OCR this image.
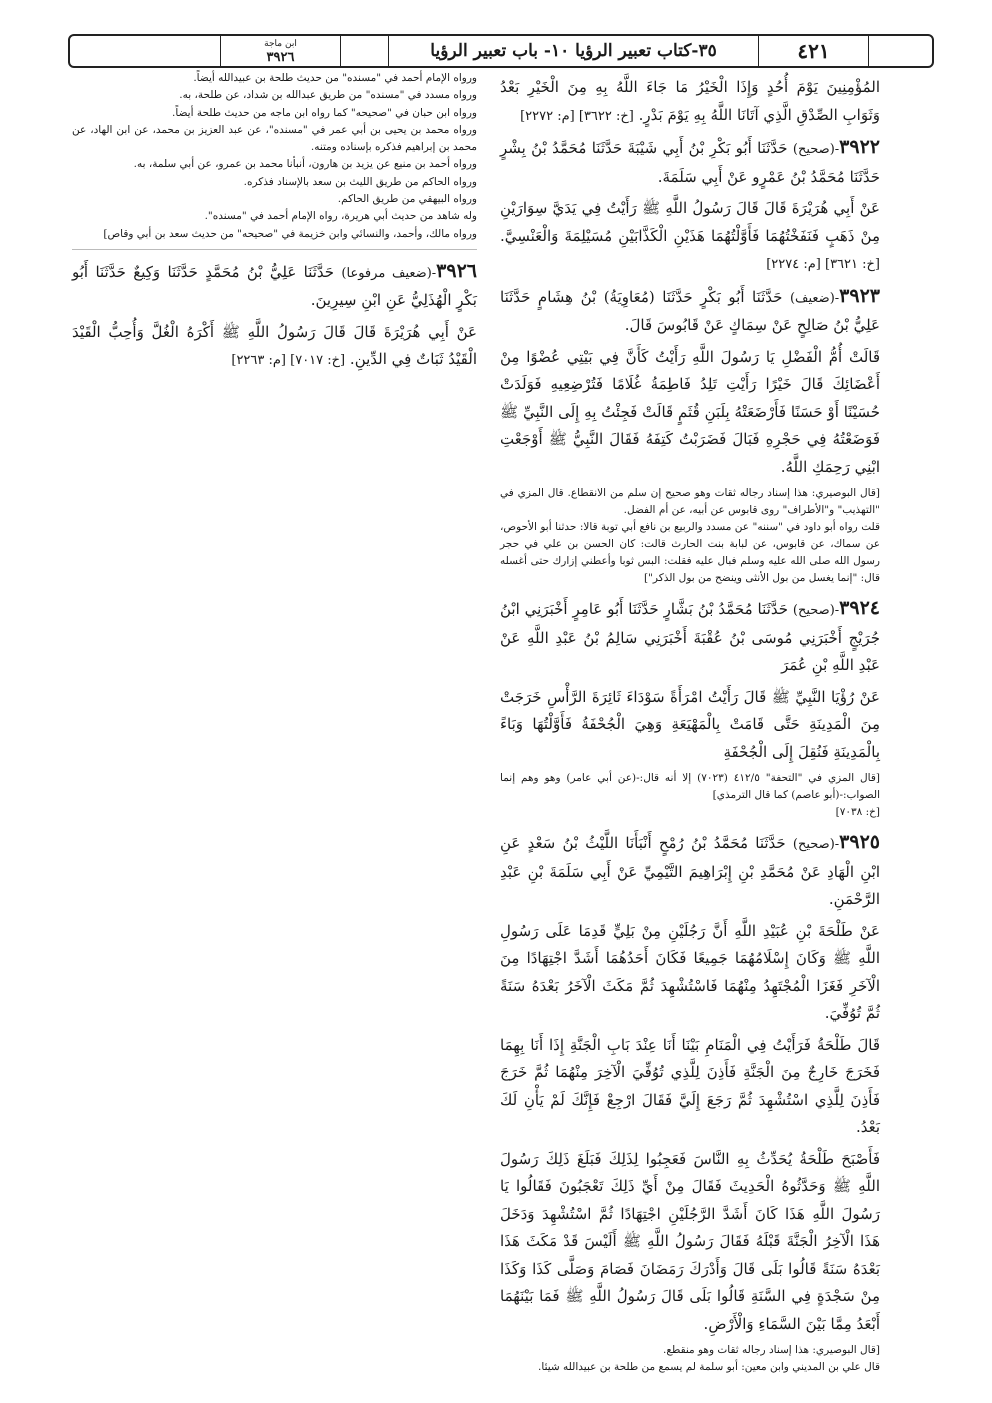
٤٢١
٣٥-كتاب تعبير الرؤيا ١٠- باب تعبير الرؤيا
ابن ماجة
٣٩٢٦

المُؤْمِنِينَ يَوْمَ أُحُدٍ وَإِذَا الْخَيْرُ مَا جَاءَ اللَّهُ بِهِ مِنَ الْخَيْرِ بَعْدُ وَثَوَابِ الصِّدْقِ الَّذِي آتَانَا اللَّهُ بِهِ يَوْمَ بَدْرٍ. [خ: ٣٦٢٢] [م: ٢٢٧٢]

٣٩٢٢-(صحيح) حَدَّثَنَا أَبُو بَكْرِ بْنُ أَبِي شَيْبَةَ حَدَّثَنَا مُحَمَّدُ بْنُ بِشْرٍ حَدَّثَنَا مُحَمَّدُ بْنُ عَمْرٍو عَنْ أَبِي سَلَمَةَ.

عَنْ أَبِي هُرَيْرَةَ قَالَ قَالَ رَسُولُ اللَّهِ ﷺ رَأَيْتُ فِي يَدَيَّ سِوَارَيْنِ مِنْ ذَهَبٍ فَنَفَخْتُهُمَا فَأَوَّلْتُهُمَا هَذَيْنِ الْكَذَّابَيْنِ مُسَيْلِمَةَ وَالْعَنْسِيَّ. [خ: ٣٦٢١] [م: ٢٢٧٤]

٣٩٢٣-(ضعيف) حَدَّثَنَا أَبُو بَكْرٍ حَدَّثَنَا (مُعَاوِيَةُ) بْنُ هِشَامٍ حَدَّثَنَا عَلِيُّ بْنُ صَالِحٍ عَنْ سِمَاكٍ عَنْ قَابُوسَ قَالَ.

قَالَتْ أُمُّ الْفَضْلِ يَا رَسُولَ اللَّهِ رَأَيْتُ كَأَنَّ فِي بَيْتِي عُضْوًا مِنْ أَعْضَائِكَ قَالَ خَيْرًا رَأَيْتِ تَلِدُ فَاطِمَةُ غُلَامًا فَتُرْضِعِيهِ فَوَلَدَتْ حُسَيْنًا أَوْ حَسَنًا فَأَرْضَعَتْهُ بِلَبَنِ قُثَمٍ قَالَتْ فَجِئْتُ بِهِ إِلَى النَّبِيِّ ﷺ فَوَضَعْتُهُ فِي حَجْرِهِ فَبَالَ فَضَرَبْتُ كَتِفَهُ فَقَالَ النَّبِيُّ ﷺ أَوْجَعْتِ ابْنِي رَحِمَكِ اللَّهُ.

[قال البوصيري: هذا إسناد رجاله ثقات وهو صحيح إن سلم من الانقطاع. قال المزي في "التهذيب" و"الأطراف" روى قابوس عن أبيه، عن أم الفضل.

قلت رواه أبو داود في "سننه" عن مسدد والربيع بن نافع أبي توبة قالا: حدثنا أبو الأحوص، عن سماك، عن قابوس، عن لبابة بنت الحارث قالت: كان الحسن بن علي في حجر رسول الله صلى الله عليه وسلم فبال عليه فقلت: البس ثوبا وأعطني إزارك حتى أغسله قال: "إنما يغسل من بول الأنثى وينضح من بول الذكر"]

٣٩٢٤-(صحيح) حَدَّثَنَا مُحَمَّدُ بْنُ بَشَّارٍ حَدَّثَنَا أَبُو عَامِرٍ أَخْبَرَنِي ابْنُ جُرَيْجٍ أَخْبَرَنِي مُوسَى بْنُ عُقْبَةَ أَخْبَرَنِي سَالِمُ بْنُ عَبْدِ اللَّهِ عَنْ عَبْدِ اللَّهِ بْنِ عُمَرَ

عَنْ رُؤْيَا النَّبِيِّ ﷺ قَالَ رَأَيْتُ امْرَأَةً سَوْدَاءَ ثَائِرَةَ الرَّأْسِ خَرَجَتْ مِنَ الْمَدِينَةِ حَتَّى قَامَتْ بِالْمَهْيَعَةِ وَهِيَ الْجُحْفَةُ فَأَوَّلْتُهَا وَبَاءً بِالْمَدِينَةِ فَنُقِلَ إِلَى الْجُحْفَةِ

[قال المزي في "التحفة" ٤١٢/٥ (٧٠٢٣) إلا أنه قال:-(عن أبي عامر) وهو وهم إنما الصواب:-(أبو عاصم) كما قال الترمذي]

[خ: ٧٠٣٨]

٣٩٢٥-(صحيح) حَدَّثَنَا مُحَمَّدُ بْنُ رُمْحٍ أَنْبَأَنَا اللَّيْثُ بْنُ سَعْدٍ عَنِ ابْنِ الْهَادِ عَنْ مُحَمَّدِ بْنِ إِبْرَاهِيمَ التَّيْمِيِّ عَنْ أَبِي سَلَمَةَ بْنِ عَبْدِ الرَّحْمَنِ.

عَنْ طَلْحَةَ بْنِ عُبَيْدِ اللَّهِ أَنَّ رَجُلَيْنِ مِنْ بَلِيٍّ قَدِمَا عَلَى رَسُولِ اللَّهِ ﷺ وَكَانَ إِسْلَامُهُمَا جَمِيعًا فَكَانَ أَحَدُهُمَا أَشَدَّ اجْتِهَادًا مِنَ الْآخَرِ فَغَزَا الْمُجْتَهِدُ مِنْهُمَا فَاسْتُشْهِدَ ثُمَّ مَكَثَ الْآخَرُ بَعْدَهُ سَنَةً ثُمَّ تُوُفِّيَ.

قَالَ طَلْحَةُ فَرَأَيْتُ فِي الْمَنَامِ بَيْنَا أَنَا عِنْدَ بَابِ الْجَنَّةِ إِذَا أَنَا بِهِمَا فَخَرَجَ خَارِجٌ مِنَ الْجَنَّةِ فَأَذِنَ لِلَّذِي تُوُفِّيَ الْآخِرَ مِنْهُمَا ثُمَّ خَرَجَ فَأَذِنَ لِلَّذِي اسْتُشْهِدَ ثُمَّ رَجَعَ إِلَيَّ فَقَالَ ارْجِعْ فَإِنَّكَ لَمْ يَأْنِ لَكَ بَعْدُ.

فَأَصْبَحَ طَلْحَةُ يُحَدِّثُ بِهِ النَّاسَ فَعَجِبُوا لِذَلِكَ فَبَلَغَ ذَلِكَ رَسُولَ اللَّهِ ﷺ وَحَدَّثُوهُ الْحَدِيثَ فَقَالَ مِنْ أَيِّ ذَلِكَ تَعْجَبُونَ فَقَالُوا يَا رَسُولَ اللَّهِ هَذَا كَانَ أَشَدَّ الرَّجُلَيْنِ اجْتِهَادًا ثُمَّ اسْتُشْهِدَ وَدَخَلَ هَذَا الْآخِرُ الْجَنَّةَ قَبْلَهُ فَقَالَ رَسُولُ اللَّهِ ﷺ أَلَيْسَ قَدْ مَكَثَ هَذَا بَعْدَهُ سَنَةً قَالُوا بَلَى قَالَ وَأَدْرَكَ رَمَضَانَ فَصَامَ وَصَلَّى كَذَا وَكَذَا مِنْ سَجْدَةٍ فِي السَّنَةِ قَالُوا بَلَى قَالَ رَسُولُ اللَّهِ ﷺ فَمَا بَيْنَهُمَا أَبْعَدُ مِمَّا بَيْنَ السَّمَاءِ وَالْأَرْضِ.

[قال البوصيري: هذا إسناد رجاله ثقات وهو منقطع.

قال علي بن المديني وابن معين: أبو سلمة لم يسمع من طلحة بن عبيدالله شيئا.

ورواه الإمام أحمد في "مسنده" من حديث طلحة بن عبيدالله أيضاً.

ورواه مسدد في "مسنده" من طريق عبدالله بن شداد، عن طلحة، به.

ورواه ابن حبان في "صحيحه" كما رواه ابن ماجه من حديث طلحة أيضاً.

ورواه محمد بن يحيى بن أبي عمر في "مسنده"، عن عبد العزيز بن محمد، عن ابن الهاد، عن محمد بن إبراهيم فذكره بإسناده ومتنه.

ورواه أحمد بن منيع عن يزيد بن هارون، أنبأنا محمد بن عمرو، عن أبي سلمة، به.

ورواه الحاكم من طريق الليث بن سعد بالإسناد فذكره.

ورواه البيهقي من طريق الحاكم.

وله شاهد من حديث أبي هريرة، رواه الإمام أحمد في "مسنده".

ورواه مالك، وأحمد، والنسائي وابن خزيمة في "صحيحه" من حديث سعد بن أبي وقاص]

٣٩٢٦-(ضعيف مرفوعا) حَدَّثَنَا عَلِيُّ بْنُ مُحَمَّدٍ حَدَّثَنَا وَكِيعٌ حَدَّثَنَا أَبُو بَكْرٍ الْهُذَلِيُّ عَنِ ابْنِ سِيرِينَ.

عَنْ أَبِي هُرَيْرَةَ قَالَ قَالَ رَسُولُ اللَّهِ ﷺ أَكْرَهُ الْغُلَّ وَأُحِبُّ الْقَيْدَ الْقَيْدُ ثَبَاتٌ فِي الدِّينِ. [خ: ٧٠١٧] [م: ٢٢٦٣]
